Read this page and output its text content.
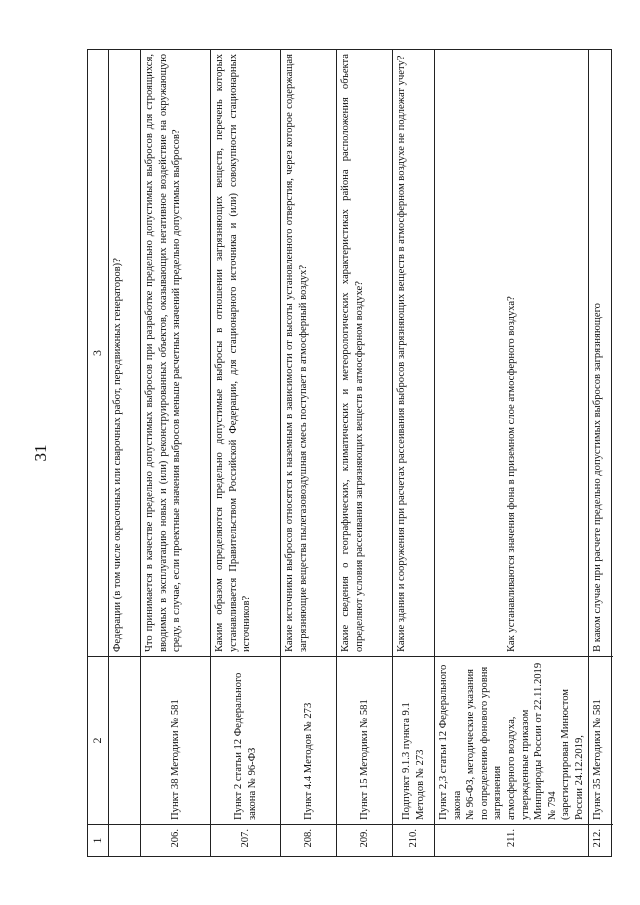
31
1
2
3 Федерации (в том числе окрасочных или сварочных работ, передвижных генераторов)?
206.
Пункт 38 Методики № 581
Что принимается в качестве предельно допустимых выбросов при разработке предельно допустимых выбросов для строящихся, вводимых в эксплуатацию новых и (или) реконструированных объектов, оказывающих негативное воздействие на окружающую среду, в случае, если проектные значения выбросов меньше расчетных значений предельно допустимых выбросов?
207.
Пункт 2 статьи 12 Федерального закона № 96-ФЗ
Каким образом определяются предельно допустимые выбросы в отношении загрязняющих веществ, перечень которых устанавливается Правительством Российской Федерации, для стационарного источника и (или) совокупности стационарных источников?
208.
Пункт 4.4 Методов № 273
Какие источники выбросов относятся к наземным в зависимости от высоты установленного отверстия, через которое содержащая загрязняющие вещества пылегазовоздушная смесь поступает в атмосферный воздух?
209.
Пункт 15 Методики № 581
Какие сведения о географических, климатических и метеорологических характеристиках района расположения объекта определяют условия рассеивания загрязняющих веществ в атмосферном воздухе?
210.
Подпункт 9.1.3 пункта 9.1 Методов № 273
Какие здания и сооружения при расчетах рассеивания выбросов загрязняющих веществ в атмосферном воздухе не подлежат учету?
211.
Пункт 2,3 статьи 12 Федерального закона
№ 96-ФЗ, методические указания
по определению фонового уровня загрязнения
атмосферного воздуха, утвержденные приказом
Минприроды России от 22.11.2019 № 794
(зарегистрирован Минюстом России 24.12.2019,

Как устанавливаются значения фона в приземном слое атмосферного воздуха?
212.
Пункт 35 Методики № 581
В каком случае при расчете предельно допустимых выбросов загрязняющего
